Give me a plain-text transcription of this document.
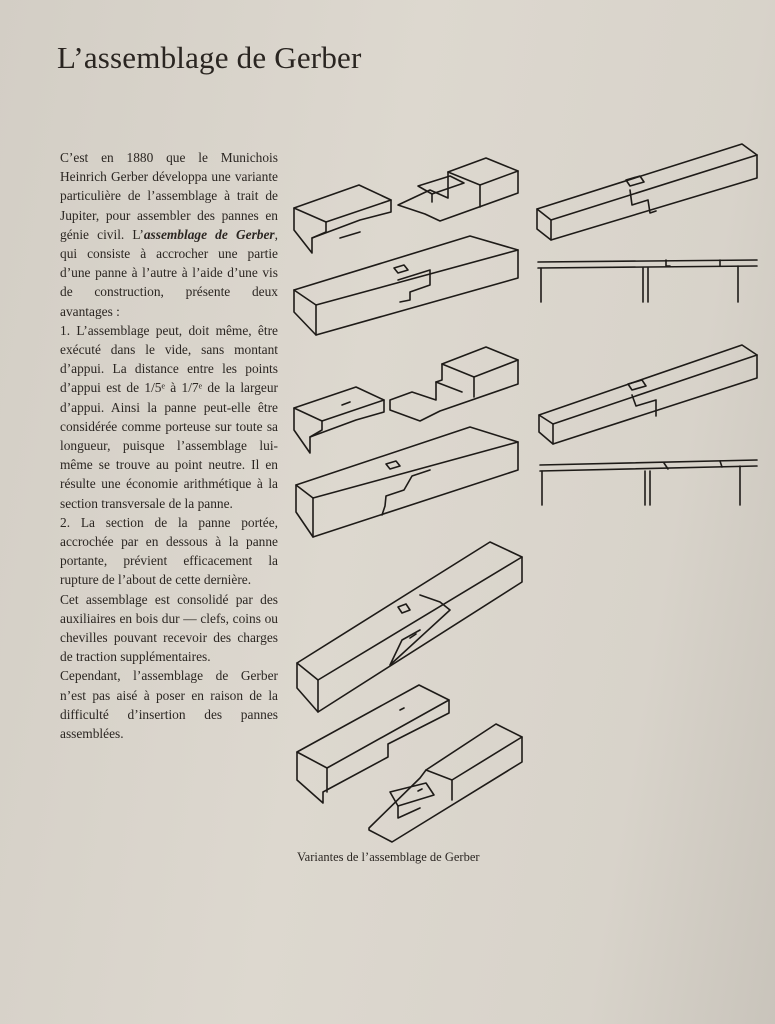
L’assemblage de Gerber

C’est en 1880 que le Munichois Heinrich Gerber développa une variante particulière de l’assemblage à trait de Jupiter, pour assembler des pannes en génie civil. L’assemblage de Gerber, qui consiste à accrocher une partie d’une panne à l’autre à l’aide d’une vis de construction, présente deux avantages :

1. L’assemblage peut, doit même, être exécuté dans le vide, sans montant d’appui. La distance entre les points d’appui est de 1/5ᵉ à 1/7ᵉ de la largeur d’appui. Ainsi la panne peut-elle être considérée comme porteuse sur toute sa longueur, puisque l’assemblage lui-même se trouve au point neutre. Il en résulte une économie arithmétique à la section transversale de la panne.

2. La section de la panne portée, accrochée par en dessous à la panne portante, prévient efficacement la rupture de l’about de cette dernière.

Cet assemblage est consolidé par des auxiliaires en bois dur — clefs, coins ou chevilles pouvant recevoir des charges de traction supplémentaires.

Cependant, l’assemblage de Gerber n’est pas aisé à poser en raison de la difficulté d’insertion des pannes assemblées.

Variantes de l’assemblage de Gerber
